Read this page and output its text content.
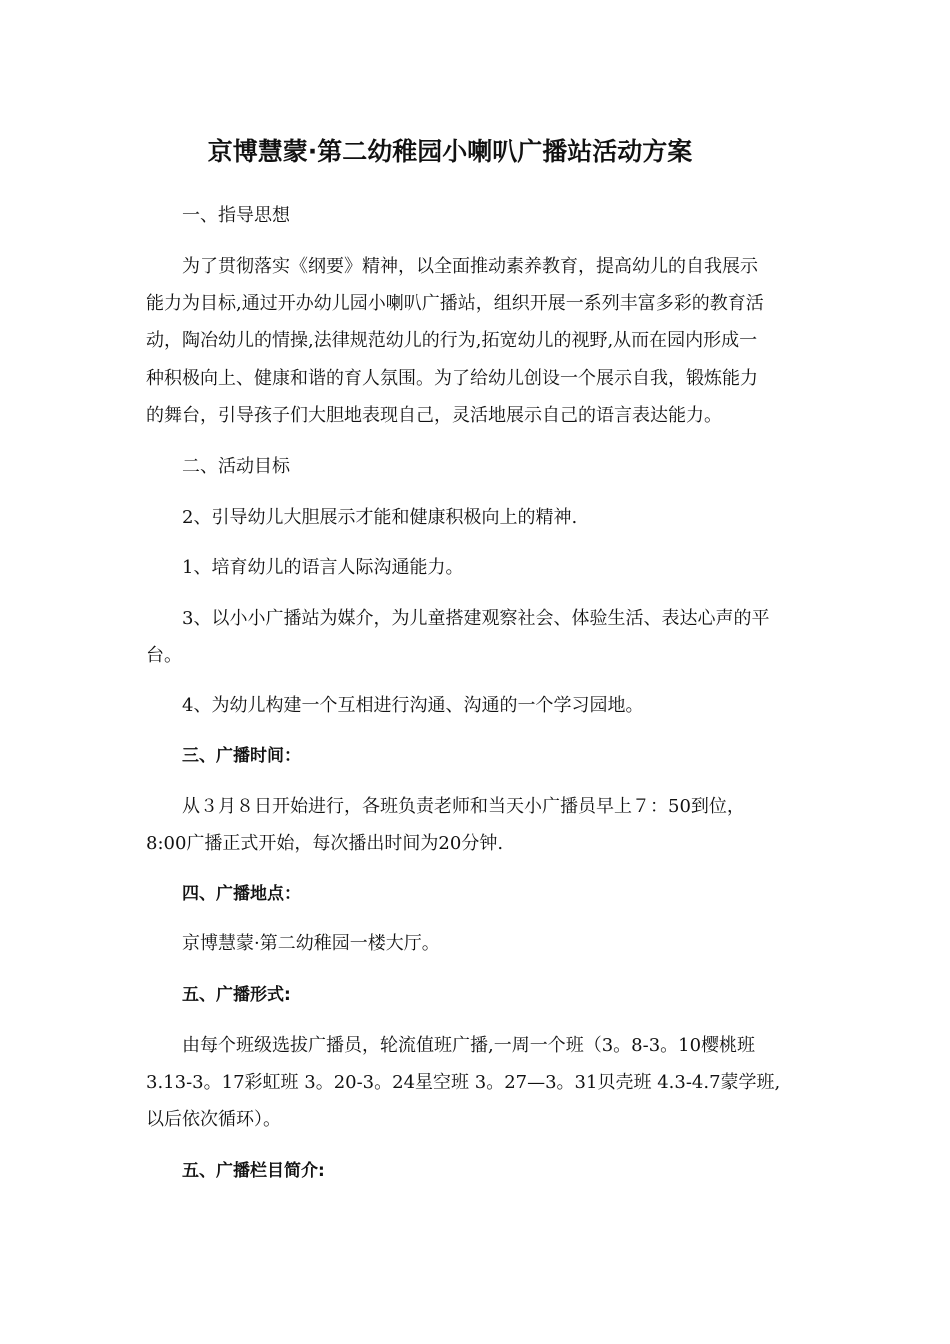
京博慧蒙·第二幼稚园小喇叭广播站活动方案
一、指导思想
为了贯彻落实《纲要》精神，以全面推动素养教育，提高幼儿的自我展示
能力为目标,通过开办幼儿园小喇叭广播站，组织开展一系列丰富多彩的教育活
动，陶冶幼儿的情操,法律规范幼儿的行为,拓宽幼儿的视野,从而在园内形成一
种积极向上、健康和谐的育人氛围。为了给幼儿创设一个展示自我，锻炼能力
的舞台，引导孩子们大胆地表现自己，灵活地展示自己的语言表达能力。
二、活动目标
2、引导幼儿大胆展示才能和健康积极向上的精神.
1、培育幼儿的语言人际沟通能力。
3、以小小广播站为媒介，为儿童搭建观察社会、体验生活、表达心声的平
台。
4、为幼儿构建一个互相进行沟通、沟通的一个学习园地。
三、广播时间：
从３月８日开始进行，各班负责老师和当天小广播员早上７：50到位，
8:00广播正式开始，每次播出时间为20分钟.
四、广播地点：
京博慧蒙·第二幼稚园一楼大厅。
五、广播形式:
由每个班级选拔广播员，轮流值班广播,一周一个班（3。8-3。10樱桃班
3.13-3。17彩虹班 3。20-3。24星空班 3。27—3。31贝壳班 4.3-4.7蒙学班,
以后依次循环）。
五、广播栏目简介:
